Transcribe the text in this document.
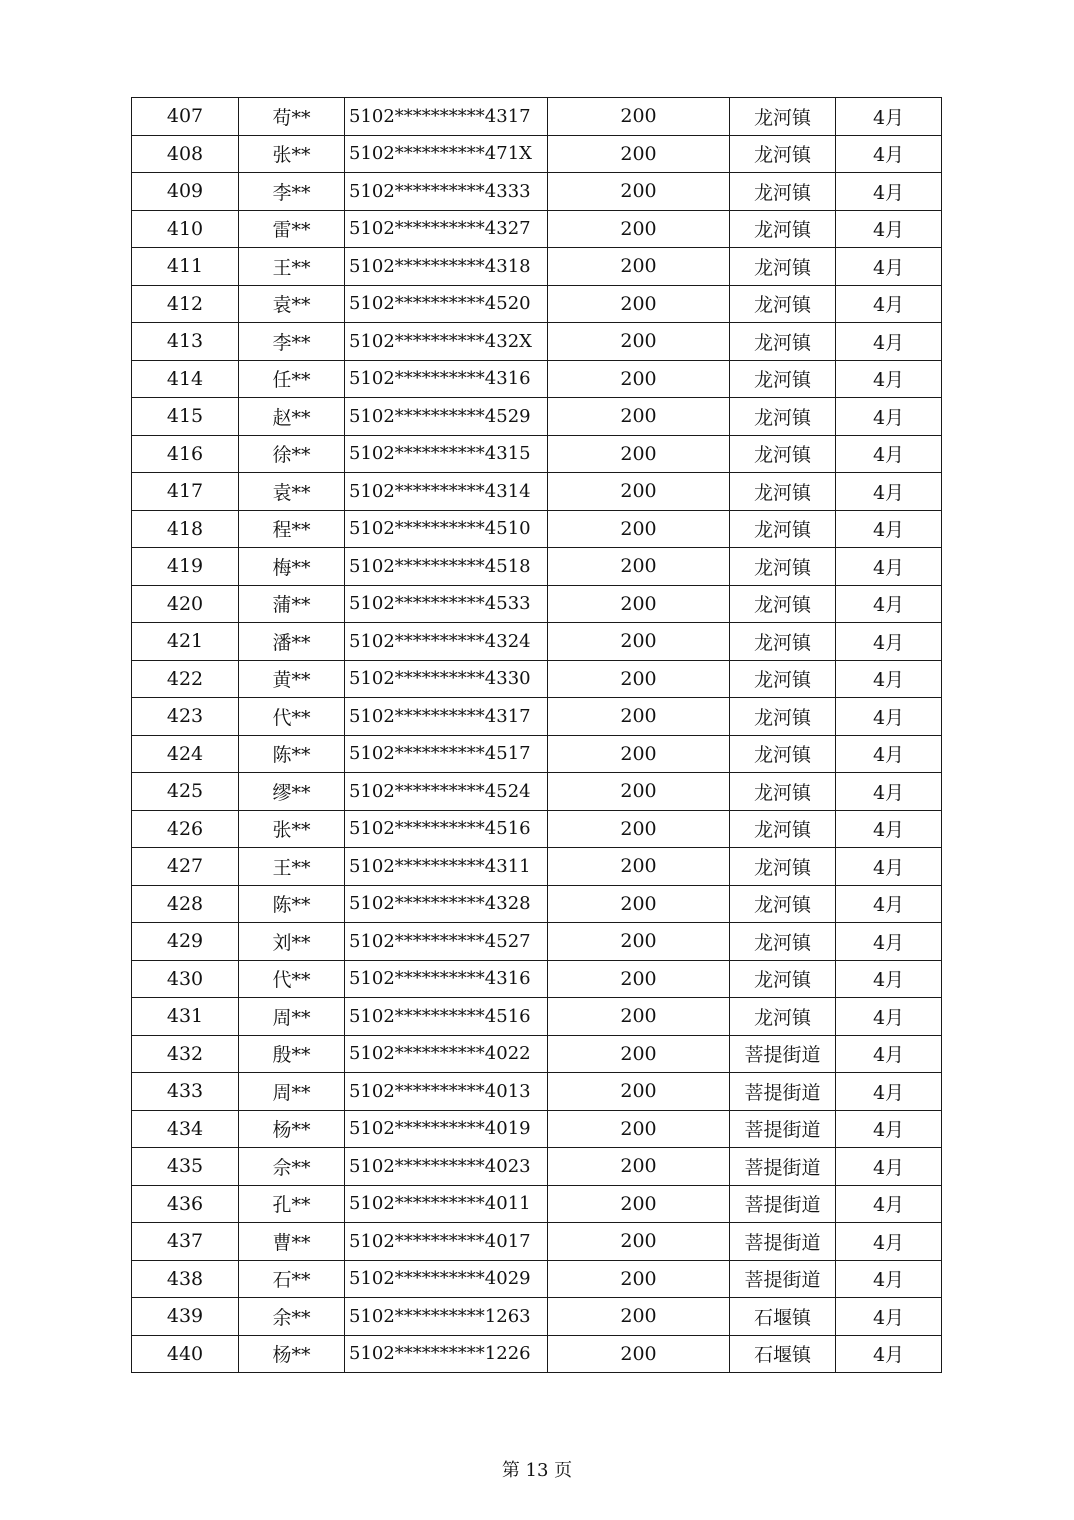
407	苟**	5102**********4317	200	龙河镇	4月
408	张**	5102**********471X	200	龙河镇	4月
409	李**	5102**********4333	200	龙河镇	4月
410	雷**	5102**********4327	200	龙河镇	4月
411	王**	5102**********4318	200	龙河镇	4月
412	袁**	5102**********4520	200	龙河镇	4月
413	李**	5102**********432X	200	龙河镇	4月
414	任**	5102**********4316	200	龙河镇	4月
415	赵**	5102**********4529	200	龙河镇	4月
416	徐**	5102**********4315	200	龙河镇	4月
417	袁**	5102**********4314	200	龙河镇	4月
418	程**	5102**********4510	200	龙河镇	4月
419	梅**	5102**********4518	200	龙河镇	4月
420	蒲**	5102**********4533	200	龙河镇	4月
421	潘**	5102**********4324	200	龙河镇	4月
422	黄**	5102**********4330	200	龙河镇	4月
423	代**	5102**********4317	200	龙河镇	4月
424	陈**	5102**********4517	200	龙河镇	4月
425	缪**	5102**********4524	200	龙河镇	4月
426	张**	5102**********4516	200	龙河镇	4月
427	王**	5102**********4311	200	龙河镇	4月
428	陈**	5102**********4328	200	龙河镇	4月
429	刘**	5102**********4527	200	龙河镇	4月
430	代**	5102**********4316	200	龙河镇	4月
431	周**	5102**********4516	200	龙河镇	4月
432	殷**	5102**********4022	200	菩提街道	4月
433	周**	5102**********4013	200	菩提街道	4月
434	杨**	5102**********4019	200	菩提街道	4月
435	佘**	5102**********4023	200	菩提街道	4月
436	孔**	5102**********4011	200	菩提街道	4月
437	曹**	5102**********4017	200	菩提街道	4月
438	石**	5102**********4029	200	菩提街道	4月
439	余**	5102**********1263	200	石堰镇	4月
440	杨**	5102**********1226	200	石堰镇	4月
第 13 页
